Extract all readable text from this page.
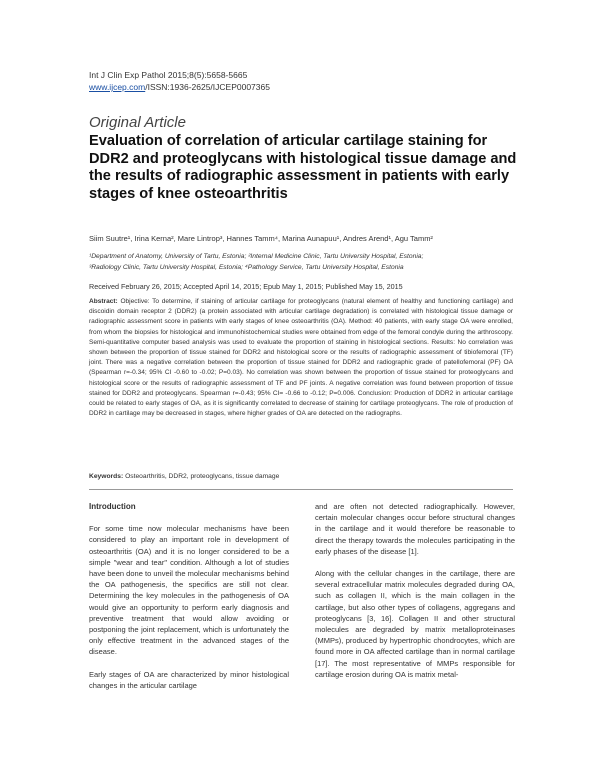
Int J Clin Exp Pathol 2015;8(5):5658-5665
www.ijcep.com/ISSN:1936-2625/IJCEP0007365
Original Article
Evaluation of correlation of articular cartilage staining for DDR2 and proteoglycans with histological tissue damage and the results of radiographic assessment in patients with early stages of knee osteoarthritis
Siim Suutre¹, Irina Kerna², Mare Lintrop³, Hannes Tamm⁴, Marina Aunapuu¹, Andres Arend¹, Agu Tamm²
¹Department of Anatomy, University of Tartu, Estonia; ²Internal Medicine Clinic, Tartu University Hospital, Estonia;
³Radiology Clinic, Tartu University Hospital, Estonia; ⁴Pathology Service, Tartu University Hospital, Estonia
Received February 26, 2015; Accepted April 14, 2015; Epub May 1, 2015; Published May 15, 2015
Abstract: Objective: To determine, if staining of articular cartilage for proteoglycans (natural element of healthy and functioning cartilage) and discoidin domain receptor 2 (DDR2) (a protein associated with articular cartilage degradation) is correlated with histological tissue damage or radiographic assessment score in patients with early stages of knee osteoarthritis (OA). Method: 40 patients, with early stage OA were enrolled, from whom the biopsies for histological and immunohistochemical studies were obtained from edge of the femoral condyle during the arthroscopy. Semi-quantitative computer based analysis was used to evaluate the proportion of staining in histological sections. Results: No correlation was shown between the proportion of tissue stained for DDR2 and histological score or the results of radiographic assessment of tibiofemoral (TF) joint. There was a negative correlation between the proportion of tissue stained for DDR2 and radiographic grade of patellofemoral (PF) OA (Spearman r=-0.34; 95% CI -0.60 to -0.02; P=0.03). No correlation was shown between the proportion of tissue stained for proteoglycans and histological score or the results of radiographic assessment of TF and PF joints. A negative correlation was found between proportion of tissue stained for DDR2 and proteoglycans. Spearman r=-0.43; 95% CI= -0.66 to -0.12; P=0.006. Conclusion: Production of DDR2 in articular cartilage could be related to early stages of OA, as it is significantly correlated to decrease of staining for cartilage proteoglycans. The role of production of DDR2 in cartilage may be decreased in stages, where higher grades of OA are detected on the radiographs.
Keywords: Osteoarthritis, DDR2, proteoglycans, tissue damage
Introduction

For some time now molecular mechanisms have been considered to play an important role in development of osteoarthritis (OA) and it is no longer considered to be a simple "wear and tear" condition. Although a lot of studies have been done to unveil the molecular mechanisms behind the OA pathogenesis, the specifics are still not clear. Determining the key molecules in the pathogenesis of OA would give an opportunity to perform early diagnosis and preventive treatment that would allow avoiding or postponing the joint replacement, which is unfortunately the only effective treatment in the advanced stages of the disease.

Early stages of OA are characterized by minor histological changes in the articular cartilage

and are often not detected radiographically. However, certain molecular changes occur before structural changes in the cartilage and it would therefore be reasonable to direct the therapy towards the molecules participating in the early phases of the disease [1].

Along with the cellular changes in the cartilage, there are several extracellular matrix molecules degraded during OA, such as collagen II, which is the main collagen in the cartilage, but also other types of collagens, aggregans and proteoglycans [3, 16]. Collagen II and other structural molecules are degraded by matrix metalloproteinases (MMPs), produced by hypertrophic chondrocytes, which are found more in OA affected cartilage than in normal cartilage [17]. The most representative of MMPs responsible for cartilage erosion during OA is matrix metal-
